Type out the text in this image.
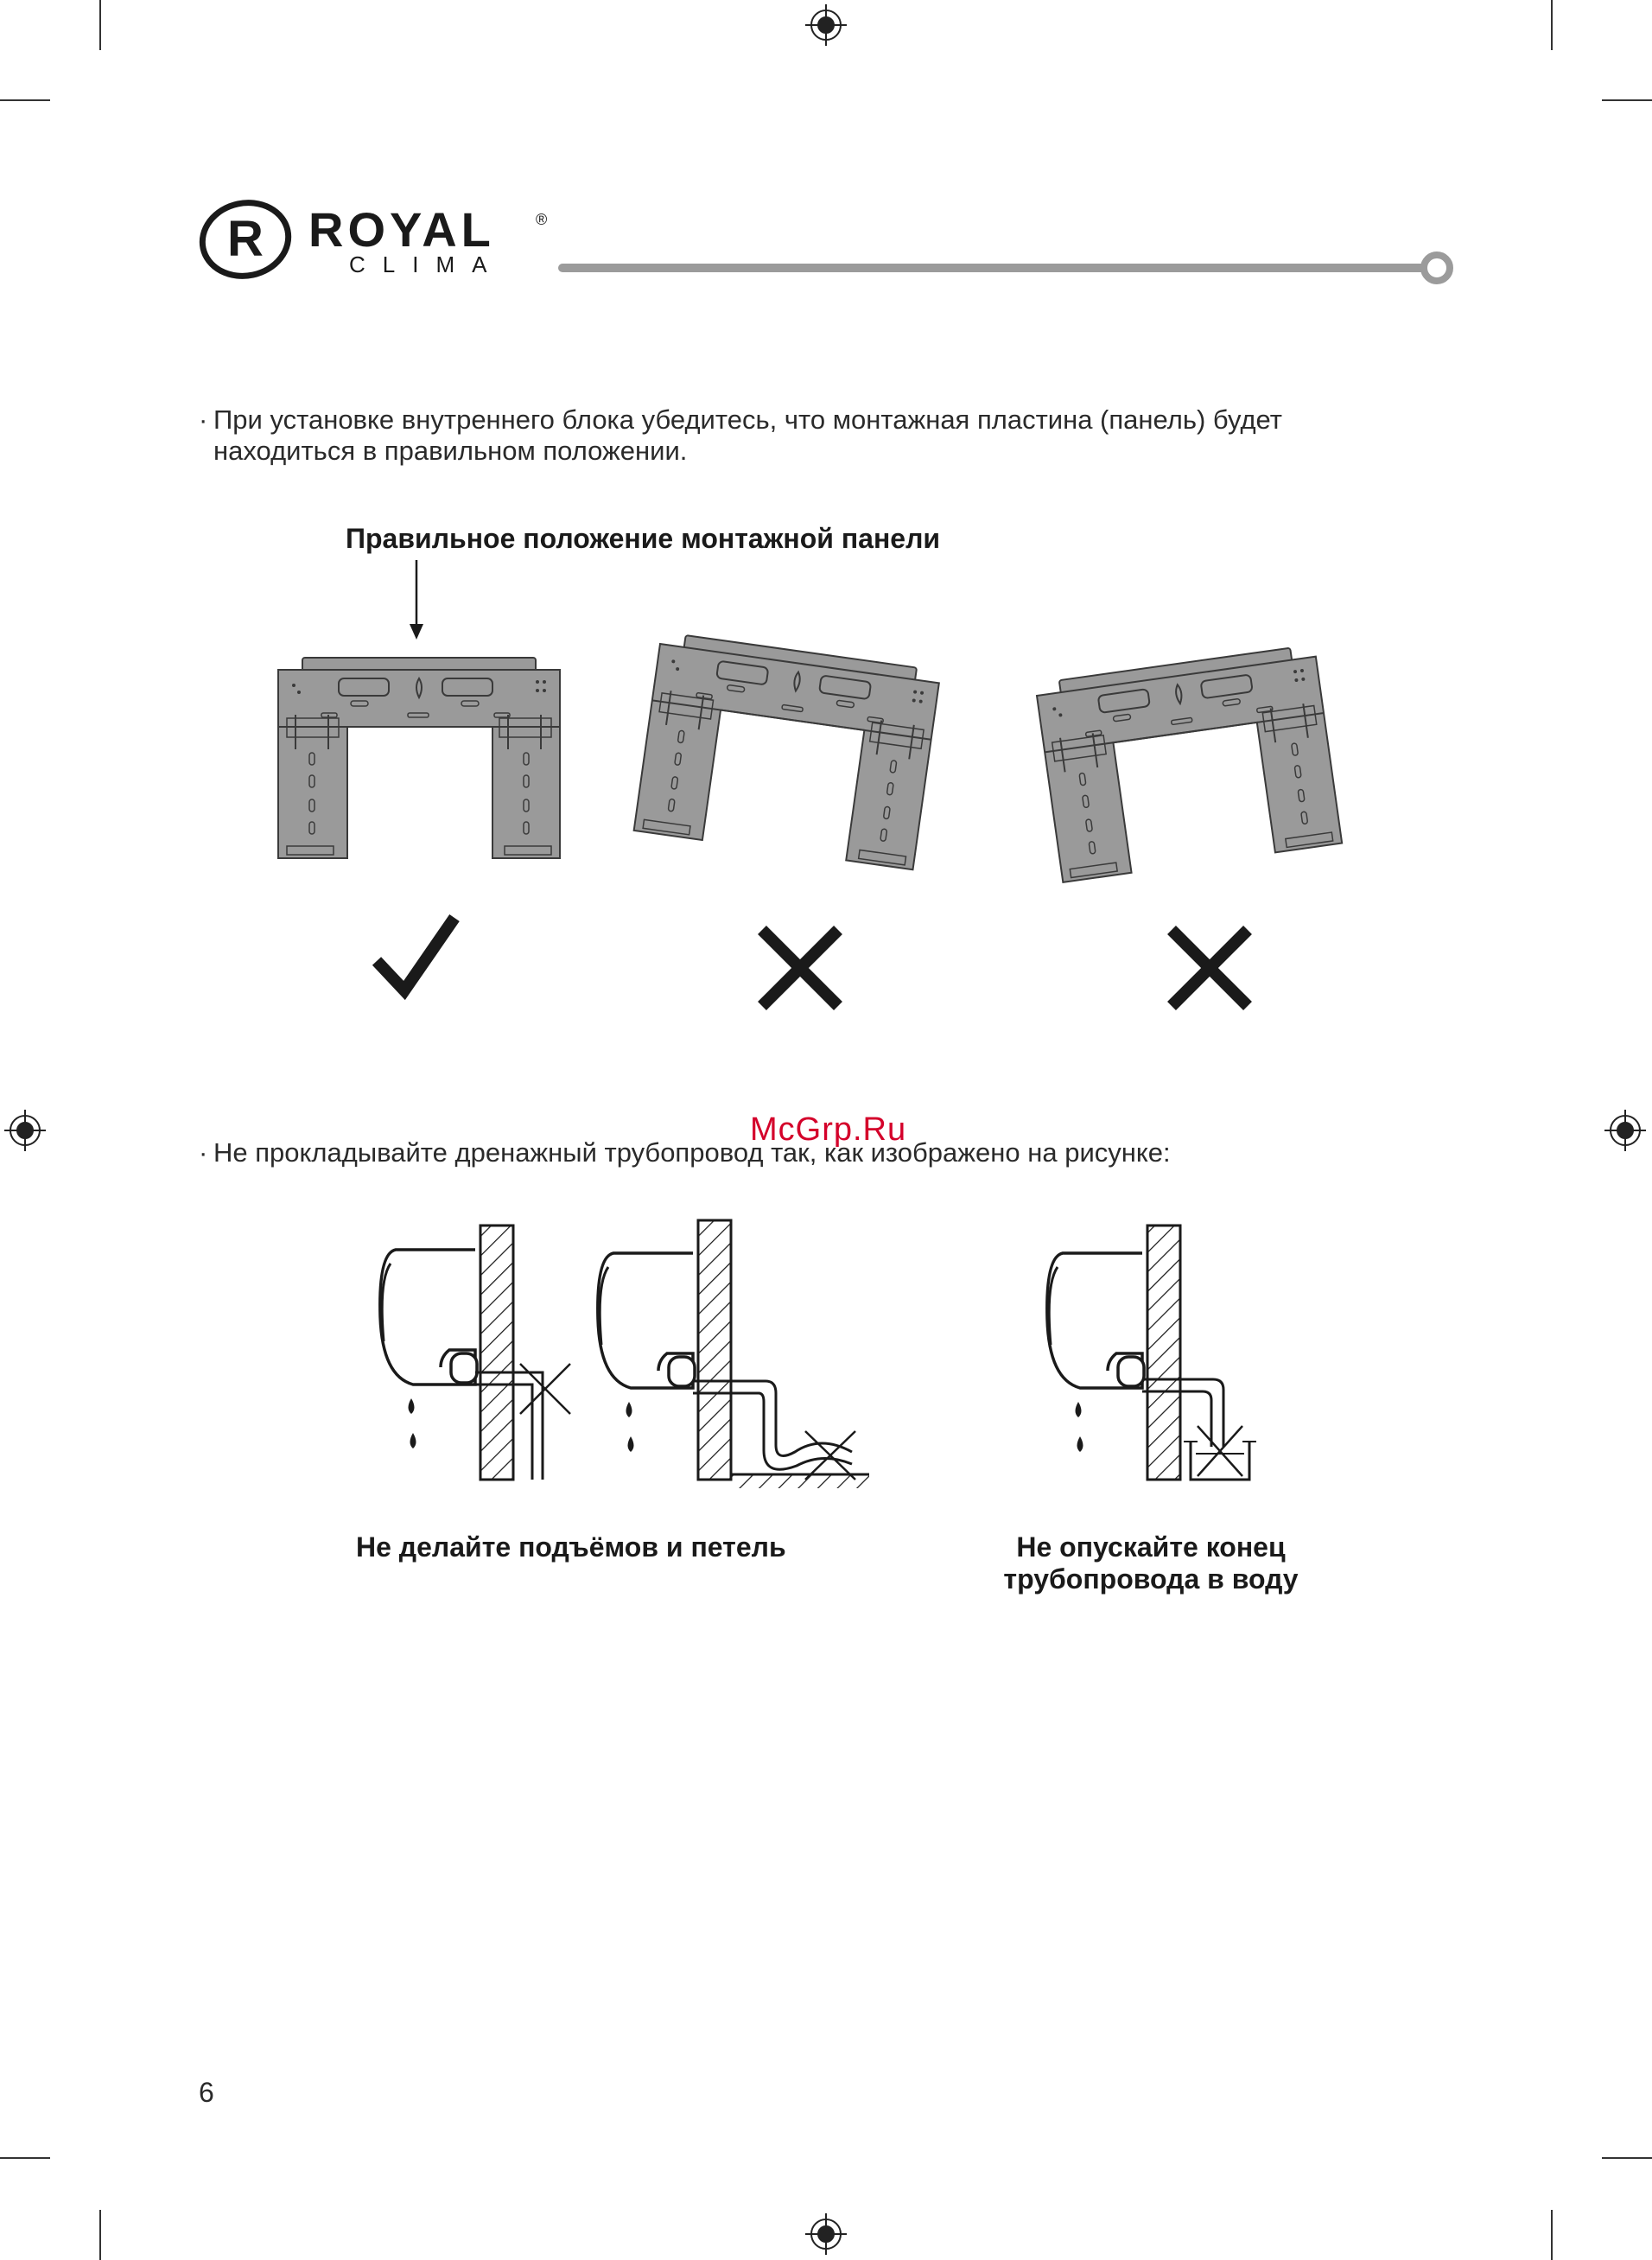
R ROYAL	®
CLIMA
· При установке внутреннего блока убедитесь, что монтажная пластина (панель) будет
находиться в правильном положении.
Правильное положение монтажной панели
McGrp.Ru
· Не прокладывайте дренажный трубопровод так, как изображено на рисунке:
Не делайте подъёмов и петель	Не опускайте конец
трубопровода в воду
6
